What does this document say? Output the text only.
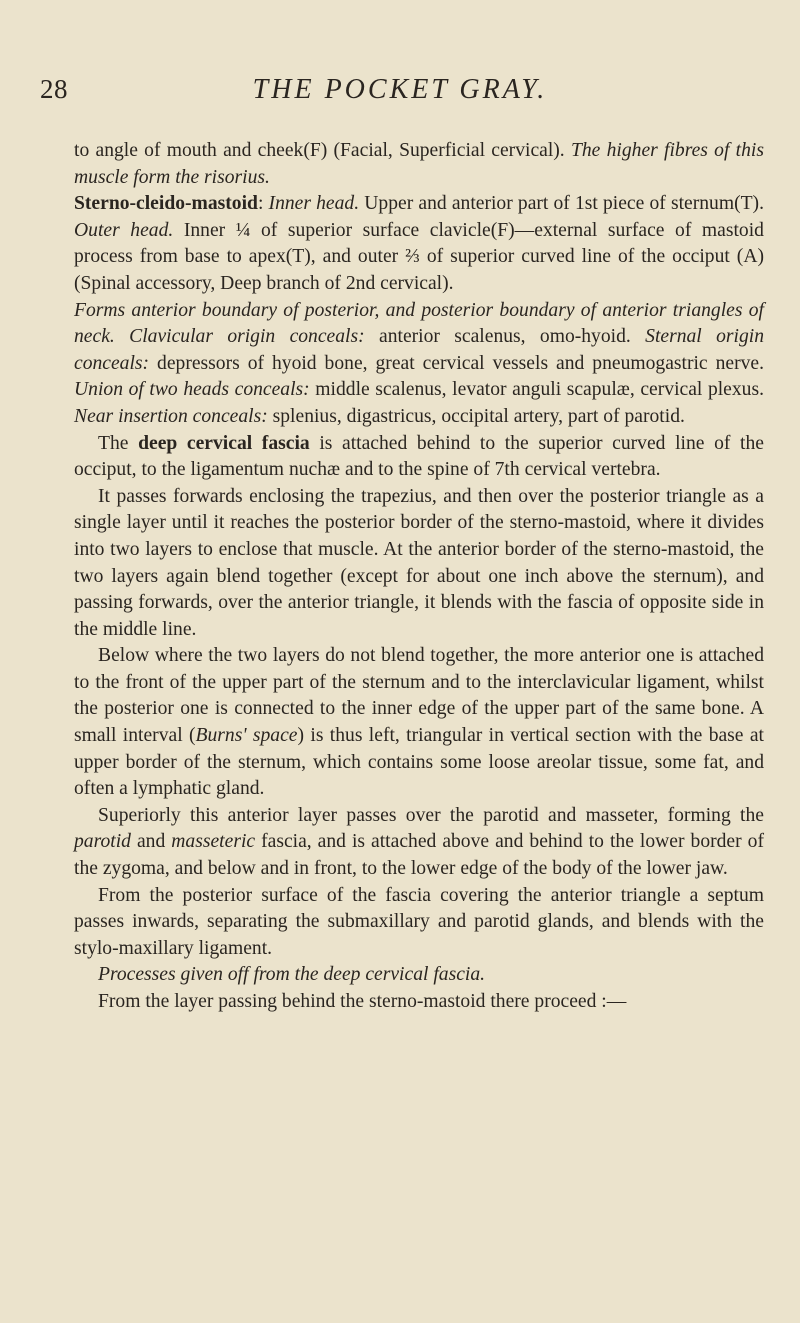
28	THE POCKET GRAY.

to angle of mouth and cheek(F) (Facial, Superficial cervical). The higher fibres of this muscle form the risorius.

Sterno-cleido-mastoid: Inner head. Upper and anterior part of 1st piece of sternum(T). Outer head. Inner ¼ of superior surface clavicle(F)—external surface of mastoid process from base to apex(T), and outer ⅔ of superior curved line of the occiput (A) (Spinal accessory, Deep branch of 2nd cervical).

Forms anterior boundary of posterior, and posterior boundary of anterior triangles of neck. Clavicular origin conceals: anterior scalenus, omo-hyoid. Sternal origin conceals: depressors of hyoid bone, great cervical vessels and pneumogastric nerve. Union of two heads conceals: middle scalenus, levator anguli scapulæ, cervical plexus. Near insertion conceals: splenius, digastricus, occipital artery, part of parotid.

The deep cervical fascia is attached behind to the superior curved line of the occiput, to the ligamentum nuchæ and to the spine of 7th cervical vertebra.

It passes forwards enclosing the trapezius, and then over the posterior triangle as a single layer until it reaches the posterior border of the sterno-mastoid, where it divides into two layers to enclose that muscle. At the anterior border of the sterno-mastoid, the two layers again blend together (except for about one inch above the sternum), and passing forwards, over the anterior triangle, it blends with the fascia of opposite side in the middle line.

Below where the two layers do not blend together, the more anterior one is attached to the front of the upper part of the sternum and to the interclavicular ligament, whilst the posterior one is connected to the inner edge of the upper part of the same bone. A small interval (Burns' space) is thus left, triangular in vertical section with the base at upper border of the sternum, which contains some loose areolar tissue, some fat, and often a lymphatic gland.

Superiorly this anterior layer passes over the parotid and masseter, forming the parotid and masseteric fascia, and is attached above and behind to the lower border of the zygoma, and below and in front, to the lower edge of the body of the lower jaw.

From the posterior surface of the fascia covering the anterior triangle a septum passes inwards, separating the submaxillary and parotid glands, and blends with the stylo-maxillary ligament.

Processes given off from the deep cervical fascia.

From the layer passing behind the sterno-mastoid there proceed :—
